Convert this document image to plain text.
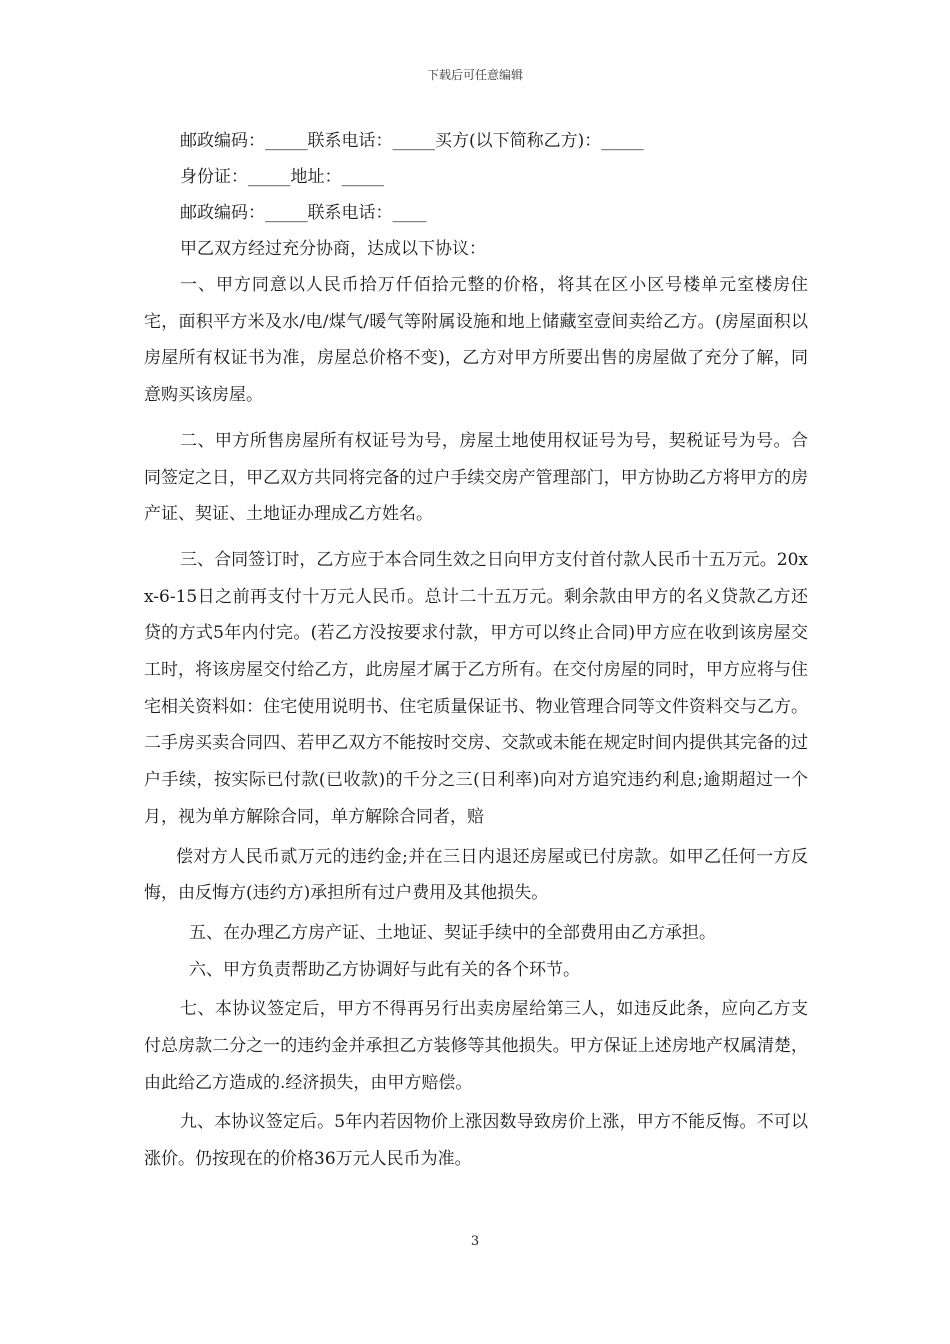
下载后可任意编辑
邮政编码：_____联系电话：_____买方(以下简称乙方)：_____
身份证：_____地址：_____
邮政编码：_____联系电话：____
甲乙双方经过充分协商，达成以下协议：

一、甲方同意以人民币拾万仟佰拾元整的价格，将其在区小区号楼单元室楼房住宅，面积平方米及水/电/煤气/暖气等附属设施和地上储藏室壹间卖给乙方。(房屋面积以房屋所有权证书为准，房屋总价格不变)，乙方对甲方所要出售的房屋做了充分了解，同意购买该房屋。

二、甲方所售房屋所有权证号为号，房屋土地使用权证号为号，契税证号为号。合同签定之日，甲乙双方共同将完备的过户手续交房产管理部门，甲方协助乙方将甲方的房产证、契证、土地证办理成乙方姓名。

三、合同签订时，乙方应于本合同生效之日向甲方支付首付款人民币十五万元。20xx-6-15日之前再支付十万元人民币。总计二十五万元。剩余款由甲方的名义贷款乙方还贷的方式5年内付完。(若乙方没按要求付款，甲方可以终止合同)甲方应在收到该房屋交工时，将该房屋交付给乙方，此房屋才属于乙方所有。在交付房屋的同时，甲方应将与住宅相关资料如：住宅使用说明书、住宅质量保证书、物业管理合同等文件资料交与乙方。二手房买卖合同四、若甲乙双方不能按时交房、交款或未能在规定时间内提供其完备的过户手续，按实际已付款(已收款)的千分之三(日利率)向对方追究违约利息;逾期超过一个月，视为单方解除合同，单方解除合同者，赔

偿对方人民币贰万元的违约金;并在三日内退还房屋或已付房款。如甲乙任何一方反悔，由反悔方(违约方)承担所有过户费用及其他损失。

五、在办理乙方房产证、土地证、契证手续中的全部费用由乙方承担。

六、甲方负责帮助乙方协调好与此有关的各个环节。

七、本协议签定后，甲方不得再另行出卖房屋给第三人，如违反此条，应向乙方支付总房款二分之一的违约金并承担乙方装修等其他损失。甲方保证上述房地产权属清楚，由此给乙方造成的.经济损失，由甲方赔偿。

九、本协议签定后。5年内若因物价上涨因数导致房价上涨，甲方不能反悔。不可以涨价。仍按现在的价格36万元人民币为准。

3
